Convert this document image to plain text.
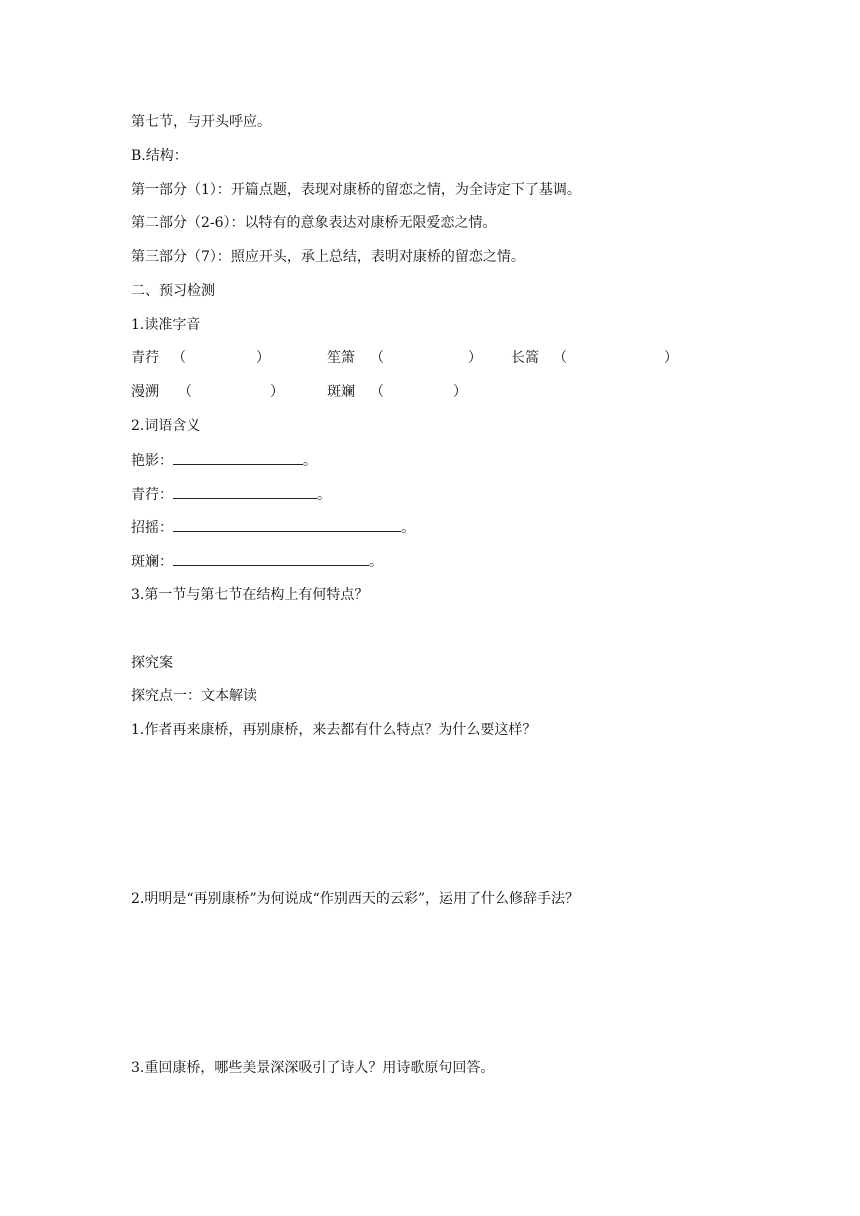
第七节，与开头呼应。
B.结构：
第一部分（1）：开篇点题，表现对康桥的留恋之情，为全诗定下了基调。
第二部分（2-6）：以特有的意象表达对康桥无限爱恋之情。
第三部分（7）：照应开头，承上总结，表明对康桥的留恋之情。
二、预习检测
1.读准字音
青荇 （	）	笙箫 （	） 长篙 （	）
漫溯 （	）	斑斓 （	）
2.词语含义
艳影：	。
青荇：	。
招摇：	。
斑斓：	。
3.第一节与第七节在结构上有何特点？
探究案
探究点一：文本解读
1.作者再来康桥，再别康桥，来去都有什么特点？为什么要这样？
2.明明是“再别康桥”为何说成“作别西天的云彩”，运用了什么修辞手法？
3.重回康桥，哪些美景深深吸引了诗人？用诗歌原句回答。
